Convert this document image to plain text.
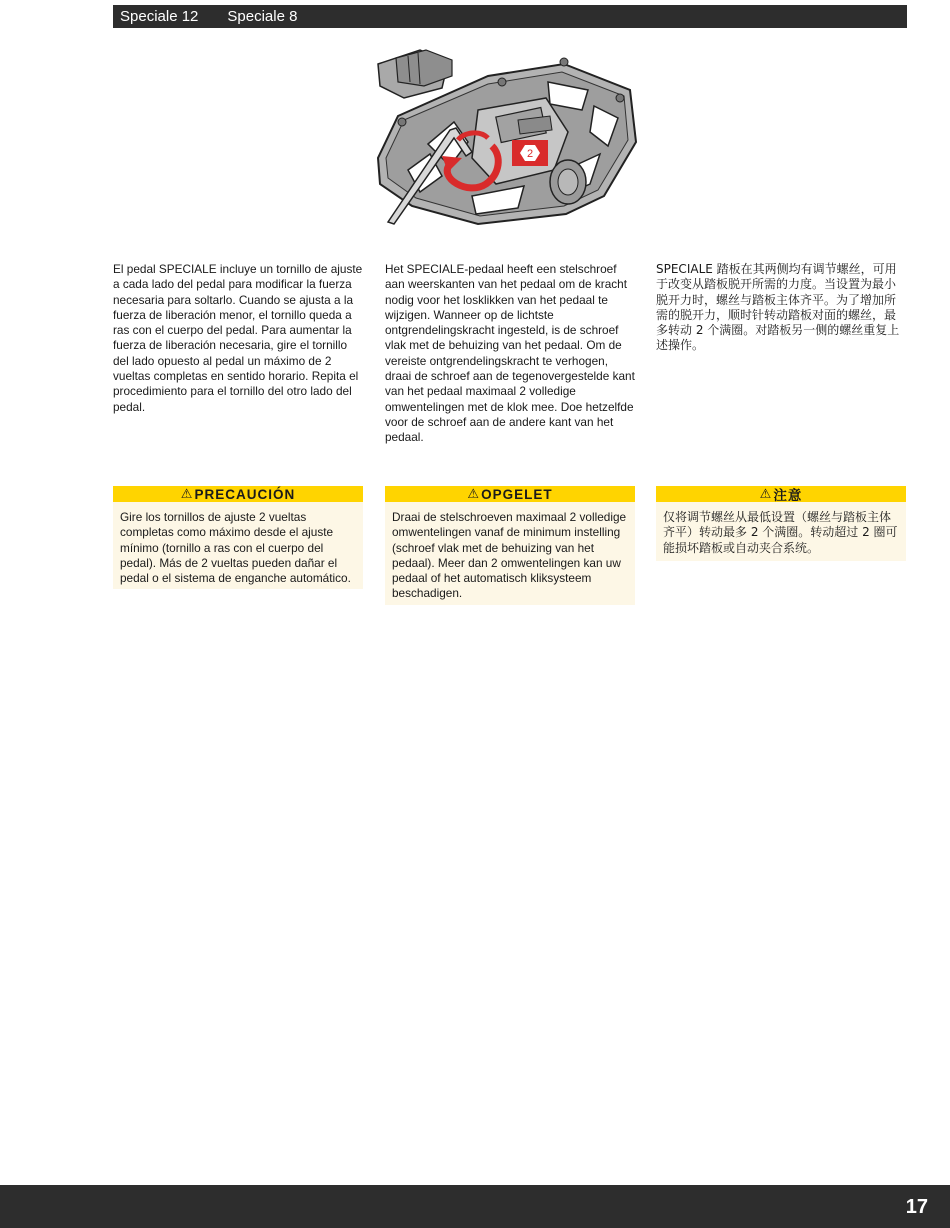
Speciale 12 Speciale 8
2

El pedal SPECIALE incluye un tornillo de ajuste a cada lado del pedal para modificar la fuerza necesaria para soltarlo. Cuando se ajusta a la fuerza de liberación menor, el tornillo queda a ras con el cuerpo del pedal. Para aumentar la fuerza de liberación necesaria, gire el tornillo del lado opuesto al pedal un máximo de 2 vueltas completas en sentido horario. Repita el procedimiento para el tornillo del otro lado del pedal.

Het SPECIALE-pedaal heeft een stelschroef aan weerskanten van het pedaal om de kracht nodig voor het losklikken van het pedaal te wijzigen. Wanneer op de lichtste ontgrendelingskracht ingesteld, is de schroef vlak met de behuizing van het pedaal. Om de vereiste ontgrendelingskracht te verhogen, draai de schroef aan de tegenovergestelde kant van het pedaal maximaal 2 volledige omwentelingen met de klok mee. Doe hetzelfde voor de schroef aan de andere kant van het pedaal.

SPECIALE 踏板在其两侧均有调节螺丝，可用于改变从踏板脱开所需的力度。当设置为最小脱开力时，螺丝与踏板主体齐平。为了增加所需的脱开力，顺时针转动踏板对面的螺丝，最多转动 2 个满圈。对踏板另一侧的螺丝重复上述操作。

⚠ PRECAUCIÓN
Gire los tornillos de ajuste 2 vueltas completas como máximo desde el ajuste mínimo (tornillo a ras con el cuerpo del pedal). Más de 2 vueltas pueden dañar el pedal o el sistema de enganche automático.
⚠ OPGELET
Draai de stelschroeven maximaal 2 volledige omwentelingen vanaf de minimum instelling (schroef vlak met de behuizing van het pedaal). Meer dan 2 omwentelingen kan uw pedaal of het automatisch kliksysteem beschadigen.
⚠ 注意
仅将调节螺丝从最低设置（螺丝与踏板主体齐平）转动最多 2 个满圈。转动超过 2 圈可能损坏踏板或自动夹合系统。
17
